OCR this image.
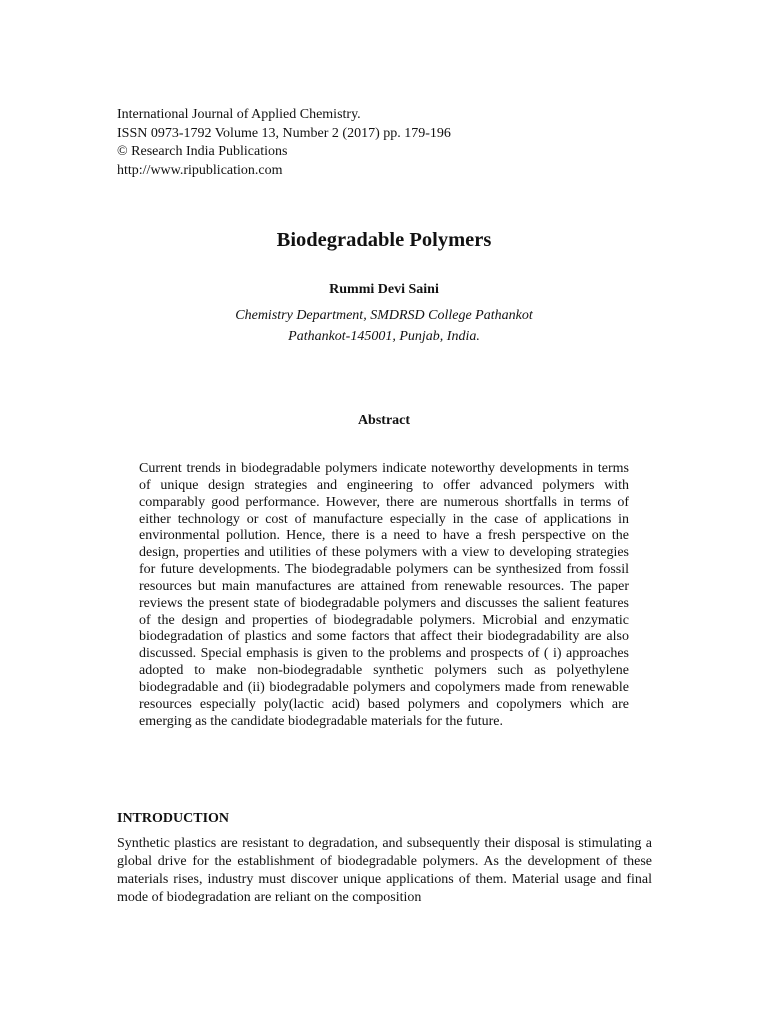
International Journal of Applied Chemistry.
ISSN 0973-1792 Volume 13, Number 2 (2017) pp. 179-196
© Research India Publications
http://www.ripublication.com
Biodegradable Polymers
Rummi Devi Saini
Chemistry Department, SMDRSD College Pathankot
Pathankot-145001, Punjab, India.
Abstract

Current trends in biodegradable polymers indicate noteworthy developments in terms of unique design strategies and engineering to offer advanced polymers with comparably good performance. However, there are numerous shortfalls in terms of either technology or cost of manufacture especially in the case of applications in environmental pollution. Hence, there is a need to have a fresh perspective on the design, properties and utilities of these polymers with a view to developing strategies for future developments. The biodegradable polymers can be synthesized from fossil resources but main manufactures are attained from renewable resources. The paper reviews the present state of biodegradable polymers and discusses the salient features of the design and properties of biodegradable polymers. Microbial and enzymatic biodegradation of plastics and some factors that affect their biodegradability are also discussed. Special emphasis is given to the problems and prospects of ( i) approaches adopted to make non-biodegradable synthetic polymers such as polyethylene biodegradable and (ii) biodegradable polymers and copolymers made from renewable resources especially poly(lactic acid) based polymers and copolymers which are emerging as the candidate biodegradable materials for the future.

INTRODUCTION

Synthetic plastics are resistant to degradation, and subsequently their disposal is stimulating a global drive for the establishment of biodegradable polymers. As the development of these materials rises, industry must discover unique applications of them. Material usage and final mode of biodegradation are reliant on the composition
